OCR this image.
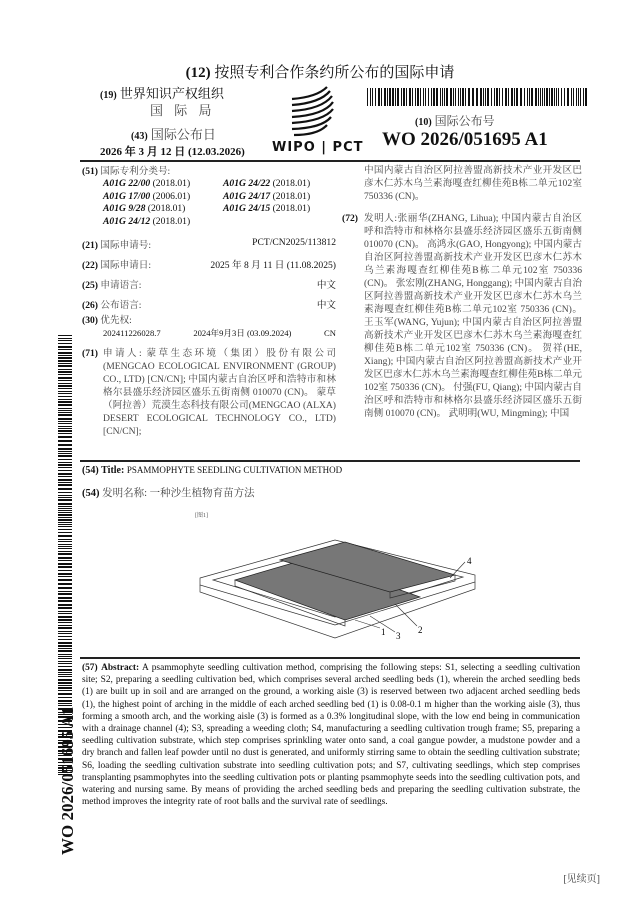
(12) 按照专利合作条约所公布的国际申请
(19) 世界知识产权组织
国 际 局
(43) 国际公布日
2026 年 3 月 12 日 (12.03.2026) WIPO | PCT
(10) 国际公布号
WO 2026/051695 A1
(51) 国际专利分类号:
A01G 22/00 (2018.01)	A01G 24/22 (2018.01)
A01G 17/00 (2006.01)	A01G 24/17 (2018.01)
A01G 9/28 (2018.01)	A01G 24/15 (2018.01)
A01G 24/12 (2018.01)
(21) 国际申请号:	PCT/CN2025/113812
(22) 国际申请日:	2025 年 8 月 11 日 (11.08.2025)
(25) 申请语言:	中文
(26) 公布语言:	中文
(30) 优先权:
202411226028.7	2024年9月3日 (03.09.2024)	CN
(71) 申请人: 蒙草生态环境（集团）股份有限公司 (MENGCAO ECOLOGICAL ENVIRONMENT (GROUP) CO., LTD) [CN/CN]; 中国内蒙古自治区呼和浩特市和林格尔县盛乐经济园区盛乐五街南侧 010070 (CN)。 蒙草（阿拉善）荒漠生态科技有限公司(MENGCAO (ALXA) DESERT ECOLOGICAL TECHNOLOGY CO., LTD) [CN/CN];
中国内蒙古自治区阿拉善盟高新技术产业开发区巴彦木仁苏木乌兰素海嘎查红柳佳苑B栋二单元102室 750336 (CN)。
(72) 发明人:张丽华(ZHANG, Lihua); 中国内蒙古自治区呼和浩特市和林格尔县盛乐经济园区盛乐五街南侧 010070 (CN)。 高鸿永(GAO, Hongyong); 中国内蒙古自治区阿拉善盟高新技术产业开发区巴彦木仁苏木乌兰素海嘎查红柳佳苑B栋二单元102室 750336 (CN)。 张宏刚(ZHANG, Honggang); 中国内蒙古自治区阿拉善盟高新技术产业开发区巴彦木仁苏木乌兰素海嘎查红柳佳苑B栋二单元102室 750336 (CN)。 王玉军(WANG, Yujun); 中国内蒙古自治区阿拉善盟高新技术产业开发区巴彦木仁苏木乌兰素海嘎查红柳佳苑B栋二单元102室 750336 (CN)。 贺祥(HE, Xiang); 中国内蒙古自治区阿拉善盟高新技术产业开发区巴彦木仁苏木乌兰素海嘎查红柳佳苑B栋二单元102室 750336 (CN)。 付强(FU, Qiang); 中国内蒙古自治区呼和浩特市和林格尔县盛乐经济园区盛乐五街南侧 010070 (CN)。 武明明(WU, Mingming); 中国
(54) Title: PSAMMOPHYTE SEEDLING CULTIVATION METHOD
(54) 发明名称: 一种沙生植物育苗方法
[图1]
1	2
3
4
(57) Abstract: A psammophyte seedling cultivation method, comprising the following steps: S1, selecting a seedling cultivation site; S2, preparing a seedling cultivation bed, which comprises several arched seedling beds (1), wherein the arched seedling beds (1) are built up in soil and are arranged on the ground, a working aisle (3) is reserved between two adjacent arched seedling beds (1), the highest point of arching in the middle of each arched seedling bed (1) is 0.08-0.1 m higher than the working aisle (3), thus forming a smooth arch, and the working aisle (3) is formed as a 0.3% longitudinal slope, with the low end being in communication with a drainage channel (4); S3, spreading a weeding cloth; S4, manufacturing a seedling cultivation trough frame; S5, preparing a seedling cultivation substrate, which step comprises sprinkling water onto sand, a coal gangue powder, a mudstone powder and a dry branch and fallen leaf powder until no dust is generated, and uniformly stirring same to obtain the seedling cultivation substrate; S6, loading the seedling cultivation substrate into seedling cultivation pots; and S7, cultivating seedlings, which step comprises transplanting psammophytes into the seedling cultivation pots or planting psammophyte seeds into the seedling cultivation pots, and watering and nursing same. By means of providing the arched seedling beds and preparing the seedling cultivation substrate, the method improves the integrity rate of root balls and the survival rate of seedlings.
WO 2026/051695 A1
[见续页]
